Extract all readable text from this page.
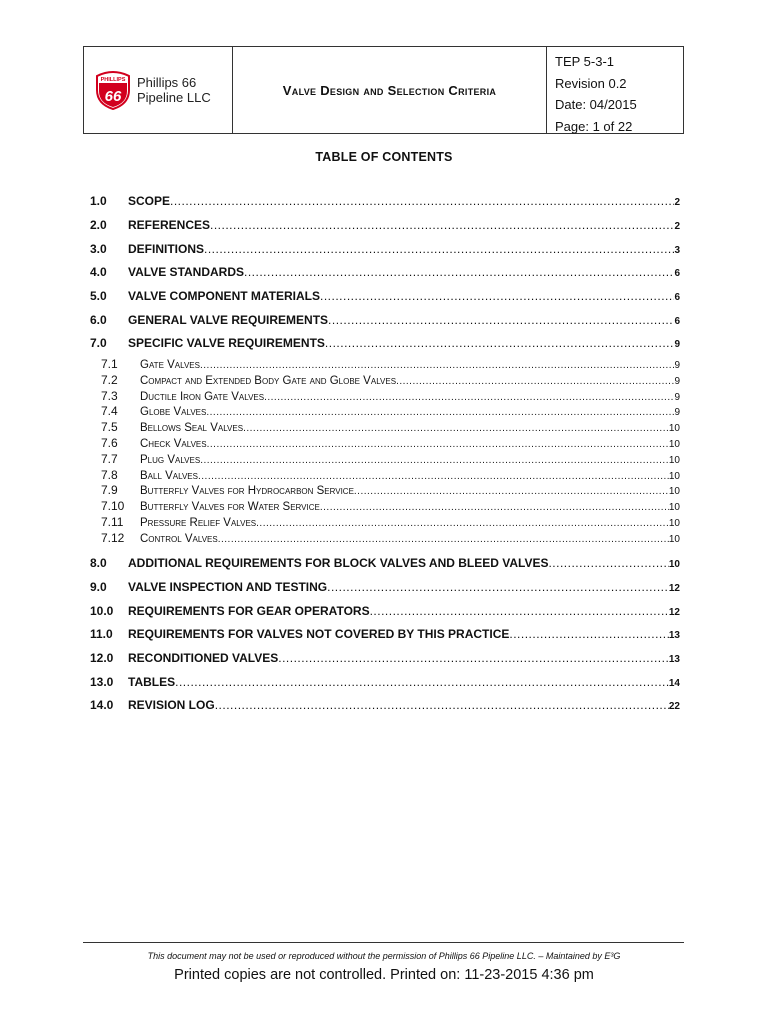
PHILLIPS
66
Phillips 66
Pipeline LLC	Valve Design and Selection Criteria
TEP 5-3-1
Revision 0.2
Date: 04/2015
Page: 1 of 22
TABLE OF CONTENTS
1.0	SCOPE .....	2
2.0	REFERENCES .....	2
3.0	DEFINITIONS .....	3
4.0	VALVE STANDARDS .....	6
5.0	VALVE COMPONENT MATERIALS .....	6
6.0	GENERAL VALVE REQUIREMENTS .....	6
7.0	SPECIFIC VALVE REQUIREMENTS .....	9
7.1	Gate Valves .....	9
7.2	Compact and Extended Body Gate and Globe Valves .....	9
7.3	Ductile Iron Gate Valves .....	9
7.4	Globe Valves .....	9
7.5	Bellows Seal Valves .....	10
7.6	Check Valves .....	10
7.7	Plug Valves .....	10
7.8	Ball Valves .....	10
7.9	Butterfly Valves for Hydrocarbon Service .....	10
7.10	Butterfly Valves for Water Service .....	10
7.11	Pressure Relief Valves .....	10
7.12	Control Valves .....	10
8.0	ADDITIONAL REQUIREMENTS FOR BLOCK VALVES AND BLEED VALVES .....	10
9.0	VALVE INSPECTION AND TESTING .....	12
10.0	REQUIREMENTS FOR GEAR OPERATORS .....	12
11.0	REQUIREMENTS FOR VALVES NOT COVERED BY THIS PRACTICE .....	13
12.0	RECONDITIONED VALVES .....	13
13.0	TABLES .....	14
14.0	REVISION LOG .....	22
This document may not be used or reproduced without the permission of Phillips 66 Pipeline LLC. – Maintained by E³G
Printed copies are not controlled. Printed on: 11-23-2015 4:36 pm
